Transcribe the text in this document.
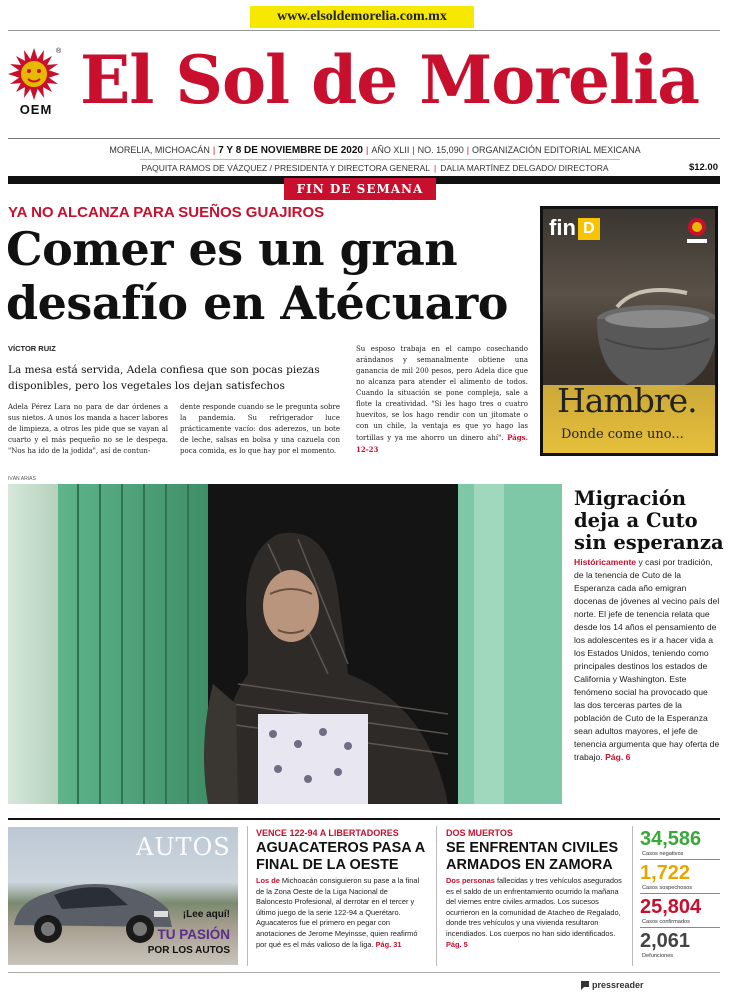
www.elsoldemorelia.com.mx
OEM
® El Sol de Morelia
MORELIA, MICHOACÁN | 7 Y 8 DE NOVIEMBRE DE 2020 | AÑO XLII | NO. 15,090 | ORGANIZACIÓN EDITORIAL MEXICANA
PAQUITA RAMOS DE VÁZQUEZ / PRESIDENTA Y DIRECTORA GENERAL | DALIA MARTÍNEZ DELGADO/ DIRECTORA	$12.00
FIN DE SEMANA
YA NO ALCANZA PARA SUEÑOS GUAJIROS
Comer es un gran desafío en Atécuaro
VÍCTOR RUIZ
La mesa está servida, Adela confiesa que son pocas piezas disponibles, pero los vegetales los dejan satisfechos
Adela Pérez Lara no para de dar órdenes a sus nietos. A unos los manda a hacer labores de limpieza, a otros les pide que se vayan al cuarto y el más pequeño no se le despega. "Nos ha ido de la jodida", así de contun-
dente responde cuando se le pregunta sobre la pandemia. Su refrigerador luce prácticamente vacío: dos aderezos, un bote de leche, salsas en bolsa y una cazuela con poca comida, es lo que hay por el momento.
Su esposo trabaja en el campo cosechando arándanos y semanalmente obtiene una ganancia de mil 200 pesos, pero Adela dice que no alcanza para atender el alimento de todos. Cuando la situación se pone compleja, sale a flote la creatividad. "Si les hago tres o cuatro huevitos, se los hago rendir con un jitomate o con un chile, la ventaja es que yo hago las tortillas y ya me ahorro un dinero ahí". Págs. 12-23
fin D
Hambre.
Donde come uno...
IVÁN ARIAS
Migración deja a Cuto sin esperanza
Históricamente y casi por tradición, de la tenencia de Cuto de la Esperanza cada año emigran docenas de jóvenes al vecino país del norte. El jefe de tenencia relata que desde los 14 años el pensamiento de los adolescentes es ir a hacer vida a los Estados Unidos, teniendo como principales destinos los estados de California y Washington. Este fenómeno social ha provocado que las dos terceras partes de la población de Cuto de la Esperanza sean adultos mayores, el jefe de tenencia argumenta que hay oferta de trabajo. Pág. 6
AUTOS
¡Lee aquí!
TU PASIÓN
POR LOS AUTOS
VENCE 122-94 A LIBERTADORES
AGUACATEROS PASA A FINAL DE LA OESTE
Los de Michoacán consiguieron su pase a la final de la Zona Oeste de la Liga Nacional de Baloncesto Profesional, al derrotar en el tercer y último juego de la serie 122-94 a Querétaro. Aguacateros fue el primero en pegar con anotaciones de Jerome Meyinsse, quien reafirmó por qué es el más valioso de la liga. Pág. 31
DOS MUERTOS
SE ENFRENTAN CIVILES ARMADOS EN ZAMORA
Dos personas fallecidas y tres vehículos asegurados es el saldo de un enfrentamiento ocurrido la mañana del viernes entre civiles armados. Los sucesos ocurrieron en la comunidad de Atacheo de Regalado, donde tres vehículos y una vivienda resultaron incendiados. Los cuerpos no han sido identificados. Pág. 5
34,586
Casos negativos
1,722
Casos sospechosos
25,804
Casos confirmados
2,061
Defunciones
pressreader
